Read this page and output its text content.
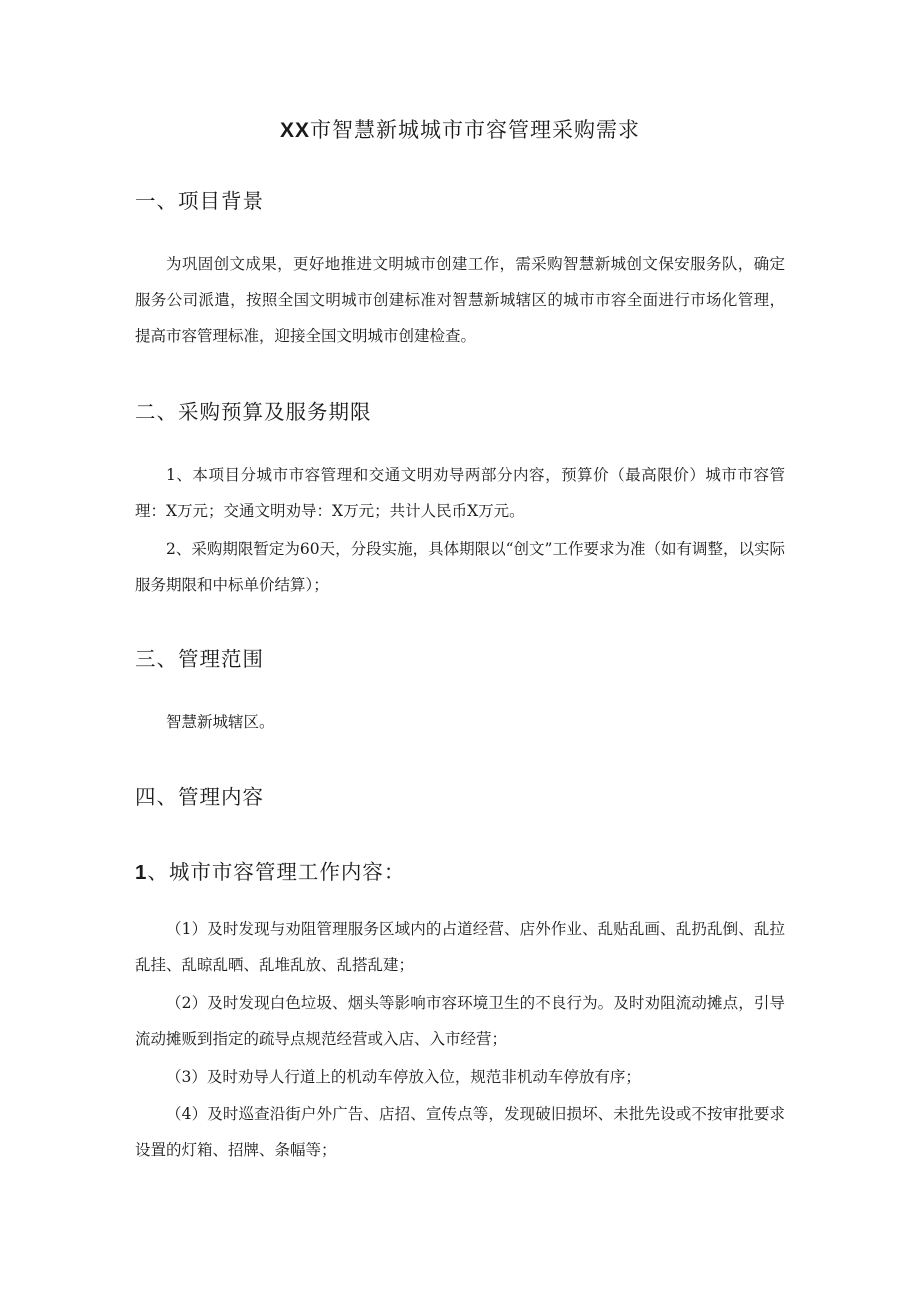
XX市智慧新城城市市容管理采购需求
一、项目背景

为巩固创文成果，更好地推进文明城市创建工作，需采购智慧新城创文保安服务队，确定服务公司派遣，按照全国文明城市创建标准对智慧新城辖区的城市市容全面进行市场化管理，提高市容管理标准，迎接全国文明城市创建检查。

二、采购预算及服务期限

1、本项目分城市市容管理和交通文明劝导两部分内容，预算价（最高限价）城市市容管理：X万元；交通文明劝导：X万元；共计人民币X万元。

2、采购期限暂定为60天，分段实施，具体期限以“创文”工作要求为准（如有调整，以实际服务期限和中标单价结算）；

三、管理范围

智慧新城辖区。

四、管理内容
1、城市市容管理工作内容：

（1）及时发现与劝阻管理服务区域内的占道经营、店外作业、乱贴乱画、乱扔乱倒、乱拉乱挂、乱晾乱晒、乱堆乱放、乱搭乱建；

（2）及时发现白色垃圾、烟头等影响市容环境卫生的不良行为。及时劝阻流动摊点，引导流动摊贩到指定的疏导点规范经营或入店、入市经营；

（3）及时劝导人行道上的机动车停放入位，规范非机动车停放有序；

（4）及时巡查沿街户外广告、店招、宣传点等，发现破旧损坏、未批先设或不按审批要求设置的灯箱、招牌、条幅等；
